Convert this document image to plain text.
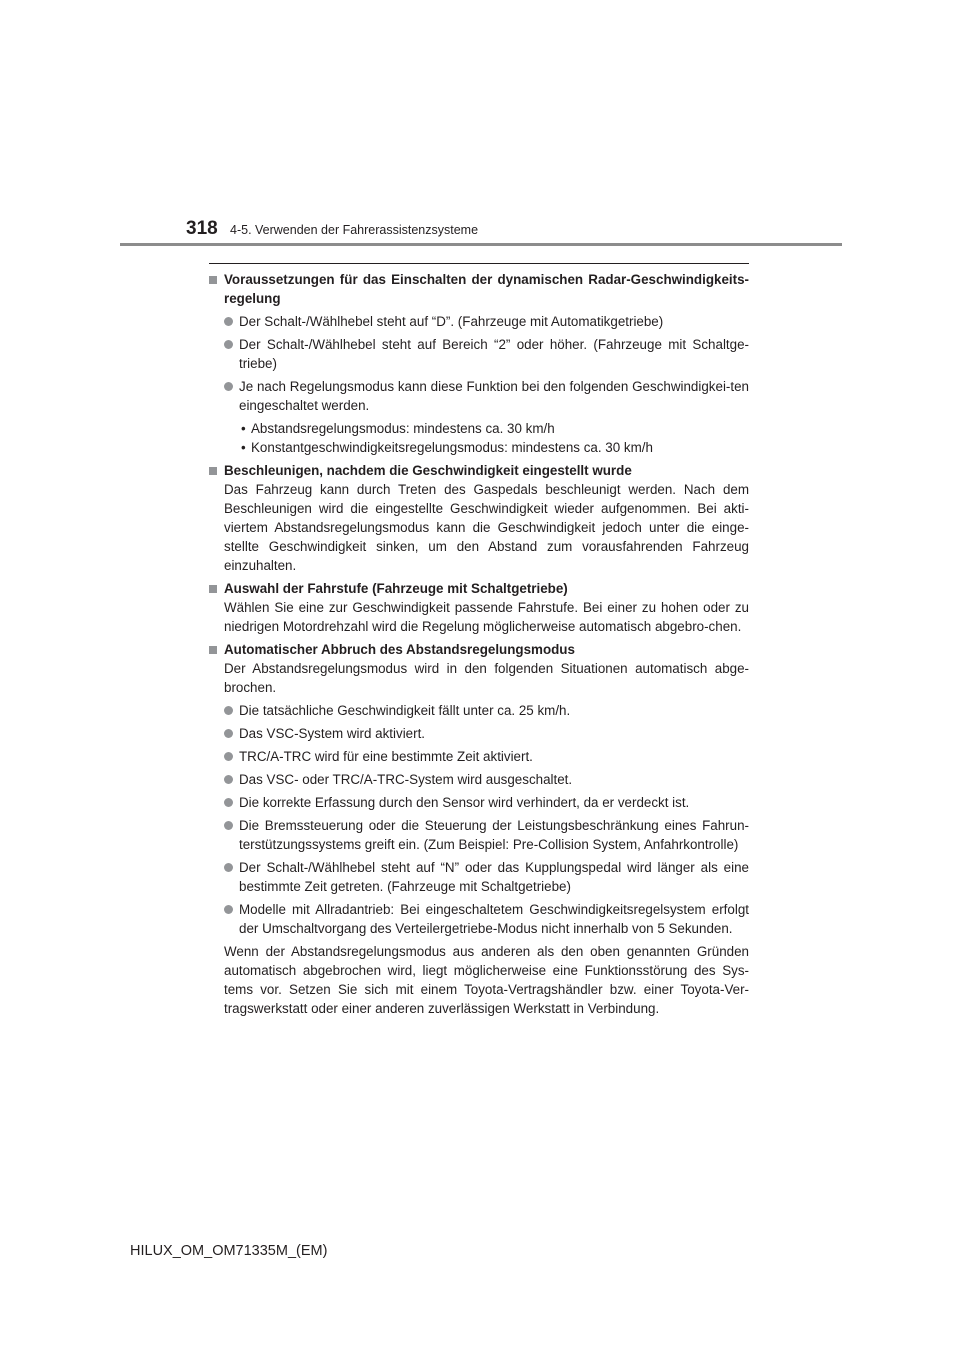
318 4-5. Verwenden der Fahrerassistenzsysteme
Voraussetzungen für das Einschalten der dynamischen Radar-Geschwindigkeits-regelung
Der Schalt-/Wählhebel steht auf “D”. (Fahrzeuge mit Automatikgetriebe)
Der Schalt-/Wählhebel steht auf Bereich “2” oder höher. (Fahrzeuge mit Schaltge-triebe)
Je nach Regelungsmodus kann diese Funktion bei den folgenden Geschwindigkei-ten eingeschaltet werden.
• Abstandsregelungsmodus: mindestens ca. 30 km/h
• Konstantgeschwindigkeitsregelungsmodus: mindestens ca. 30 km/h
Beschleunigen, nachdem die Geschwindigkeit eingestellt wurde
Das Fahrzeug kann durch Treten des Gaspedals beschleunigt werden. Nach dem Beschleunigen wird die eingestellte Geschwindigkeit wieder aufgenommen. Bei akti-viertem Abstandsregelungsmodus kann die Geschwindigkeit jedoch unter die einge-stellte Geschwindigkeit sinken, um den Abstand zum vorausfahrenden Fahrzeug einzuhalten.
Auswahl der Fahrstufe (Fahrzeuge mit Schaltgetriebe)
Wählen Sie eine zur Geschwindigkeit passende Fahrstufe. Bei einer zu hohen oder zu niedrigen Motordrehzahl wird die Regelung möglicherweise automatisch abgebro-chen.
Automatischer Abbruch des Abstandsregelungsmodus
Der Abstandsregelungsmodus wird in den folgenden Situationen automatisch abge-brochen.
Die tatsächliche Geschwindigkeit fällt unter ca. 25 km/h.
Das VSC-System wird aktiviert.
TRC/A-TRC wird für eine bestimmte Zeit aktiviert.
Das VSC- oder TRC/A-TRC-System wird ausgeschaltet.
Die korrekte Erfassung durch den Sensor wird verhindert, da er verdeckt ist.
Die Bremssteuerung oder die Steuerung der Leistungsbeschränkung eines Fahrun-terstützungssystems greift ein. (Zum Beispiel: Pre-Collision System, Anfahrkontrolle)
Der Schalt-/Wählhebel steht auf “N” oder das Kupplungspedal wird länger als eine bestimmte Zeit getreten. (Fahrzeuge mit Schaltgetriebe)
Modelle mit Allradantrieb: Bei eingeschaltetem Geschwindigkeitsregelsystem erfolgt der Umschaltvorgang des Verteilergetriebe-Modus nicht innerhalb von 5 Sekunden.
Wenn der Abstandsregelungsmodus aus anderen als den oben genannten Gründen automatisch abgebrochen wird, liegt möglicherweise eine Funktionsstörung des Sys-tems vor. Setzen Sie sich mit einem Toyota-Vertragshändler bzw. einer Toyota-Ver-tragswerkstatt oder einer anderen zuverlässigen Werkstatt in Verbindung.
HILUX_OM_OM71335M_(EM)
